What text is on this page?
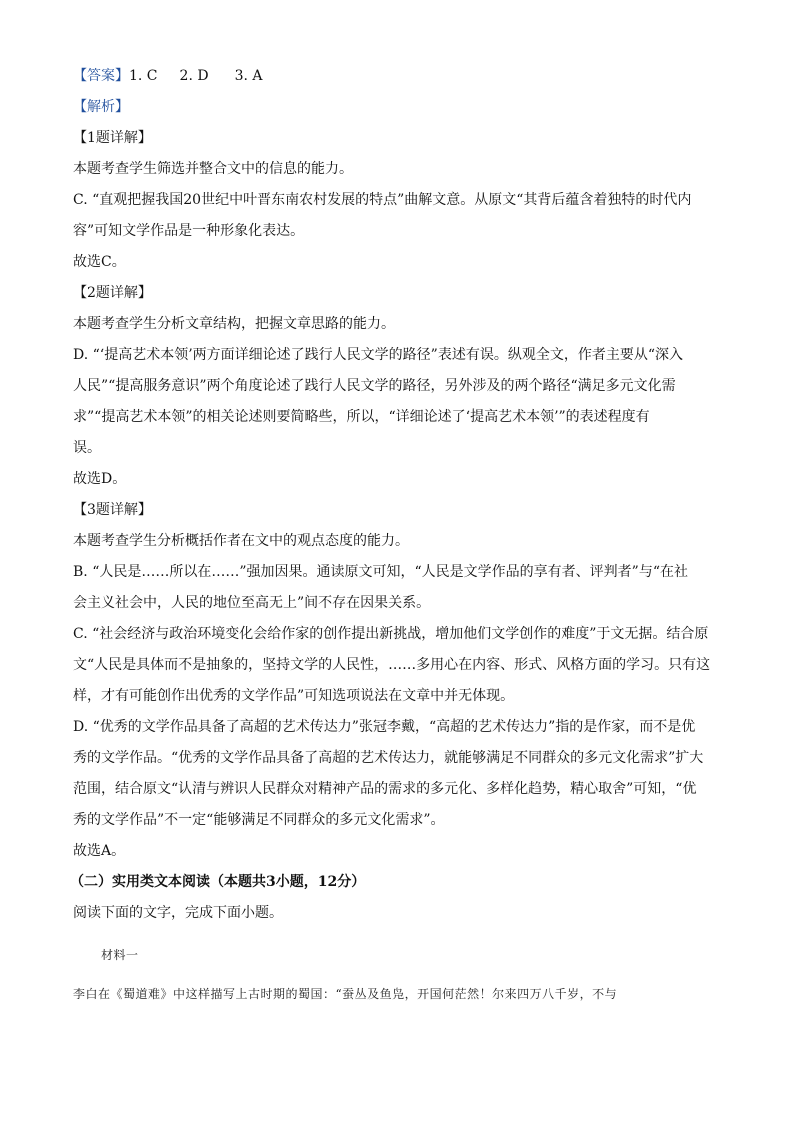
【答案】1. C 2. D 3. A
【解析】
【1题详解】
本题考查学生筛选并整合文中的信息的能力。
C. “直观把握我国20世纪中叶晋东南农村发展的特点”曲解文意。从原文“其背后蕴含着独特的时代内
容”可知文学作品是一种形象化表达。
故选C。
【2题详解】
本题考查学生分析文章结构，把握文章思路的能力。
D. “‘提高艺术本领’两方面详细论述了践行人民文学的路径”表述有误。纵观全文，作者主要从“深入
人民”“提高服务意识”两个角度论述了践行人民文学的路径，另外涉及的两个路径“满足多元文化需
求”“提高艺术本领”的相关论述则要简略些，所以，“详细论述了‘提高艺术本领’”的表述程度有
误。
故选D。
【3题详解】
本题考查学生分析概括作者在文中的观点态度的能力。
B. “人民是……所以在……”强加因果。通读原文可知，“人民是文学作品的享有者、评判者”与“在社
会主义社会中，人民的地位至高无上”间不存在因果关系。
C. “社会经济与政治环境变化会给作家的创作提出新挑战，增加他们文学创作的难度”于文无据。结合原
文“人民是具体而不是抽象的，坚持文学的人民性，……多用心在内容、形式、风格方面的学习。只有这
样，才有可能创作出优秀的文学作品”可知选项说法在文章中并无体现。
D. “优秀的文学作品具备了高超的艺术传达力”张冠李戴，“高超的艺术传达力”指的是作家，而不是优
秀的文学作品。“优秀的文学作品具备了高超的艺术传达力，就能够满足不同群众的多元文化需求”扩大
范围，结合原文“认清与辨识人民群众对精神产品的需求的多元化、多样化趋势，精心取舍”可知，“优
秀的文学作品”不一定“能够满足不同群众的多元文化需求”。
故选A。
（二）实用类文本阅读（本题共3小题，12分）
阅读下面的文字，完成下面小题。
材料一
李白在《蜀道难》中这样描写上古时期的蜀国：“蚕丛及鱼凫，开国何茫然！尔来四万八千岁，不与
